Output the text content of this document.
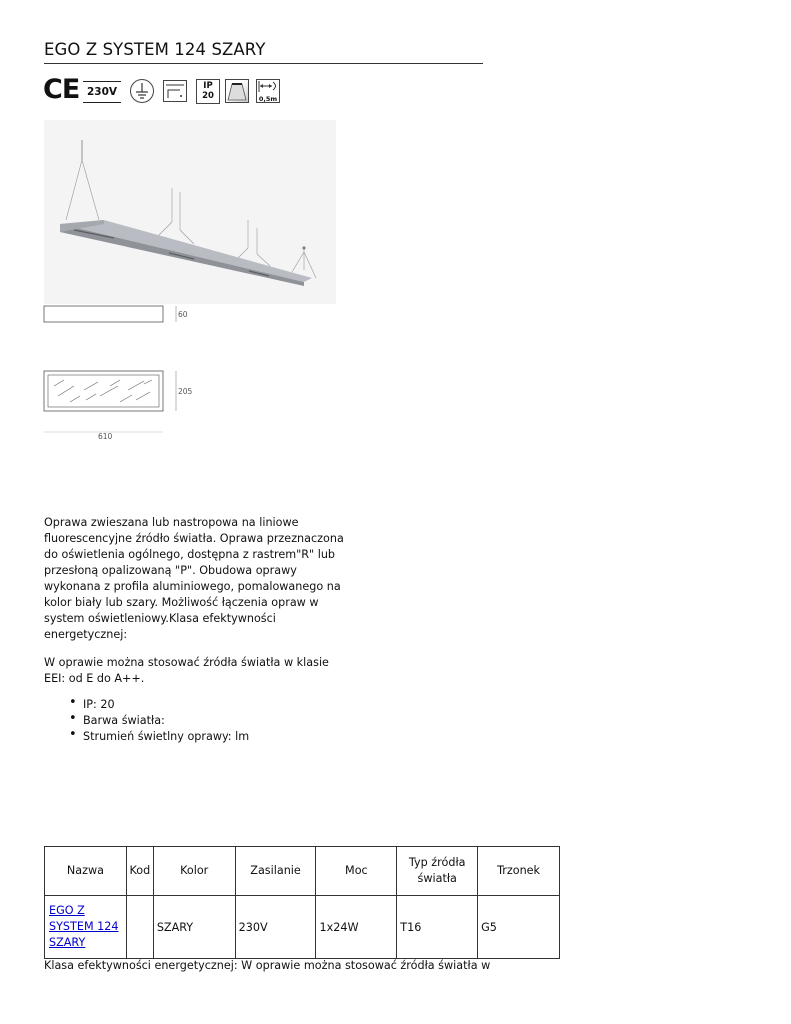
EGO Z SYSTEM 124 SZARY
CE 230V	IP
20	0,5m
60
205
610
Oprawa zwieszana lub nastropowa na liniowe fluorescencyjne źródło światła. Oprawa przeznaczona do oświetlenia ogólnego, dostępna z rastrem"R" lub przesłoną opalizowaną "P". Obudowa oprawy wykonana z profila aluminiowego, pomalowanego na kolor biały lub szary. Możliwość łączenia opraw w system oświetleniowy.Klasa efektywności energetycznej:
W oprawie można stosować źródła światła w klasie EEI: od E do A++.
• IP: 20
• Barwa światła:
• Strumień świetlny oprawy: lm
Nazwa	Kod	Kolor	Zasilanie	Moc	Typ źródła światła	Trzonek

EGO Z SYSTEM 124 SZARY		SZARY	230V	1x24W	T16	G5
Klasa efektywności energetycznej: W oprawie można stosować źródła światła w
